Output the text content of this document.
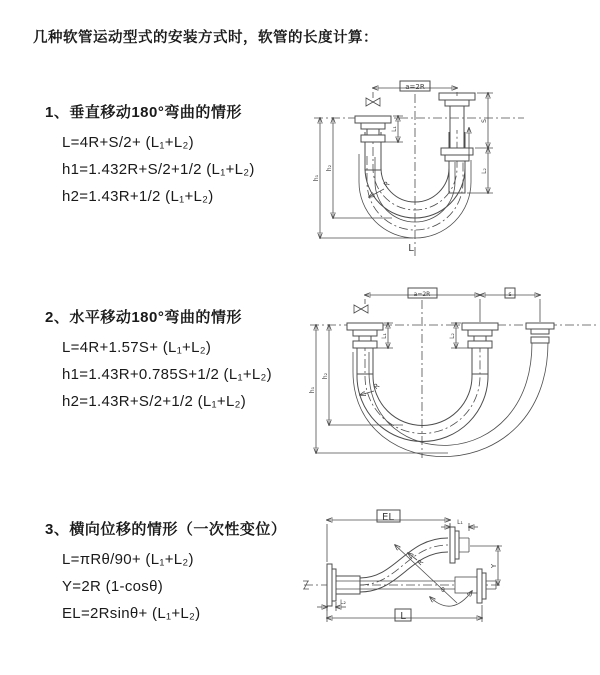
几种软管运动型式的安装方式时，软管的长度计算：
1、垂直移动180°弯曲的情形
L=4R+S/2+ (L₁+L₂)
h1=1.432R+S/2+1/2 (L₁+L₂)
h2=1.43R+1/2 (L₁+L₂)
2、水平移动180°弯曲的情形
L=4R+1.57S+ (L₁+L₂)
h1=1.43R+0.785S+1/2 (L₁+L₂)
h2=1.43R+S/2+1/2 (L₁+L₂)
3、横向位移的情形（一次性变位）
L=πRθ/90+ (L₁+L₂)
Y=2R (1-cosθ)
EL=2Rsinθ+ (L₁+L₂)
a=2R
h₁
h₂
L₁
S
L₂
R
L
a=2R	s
h₁
h₂
L₁	L₂
R
EL	L₁
Y
θ
R
L₂
L
